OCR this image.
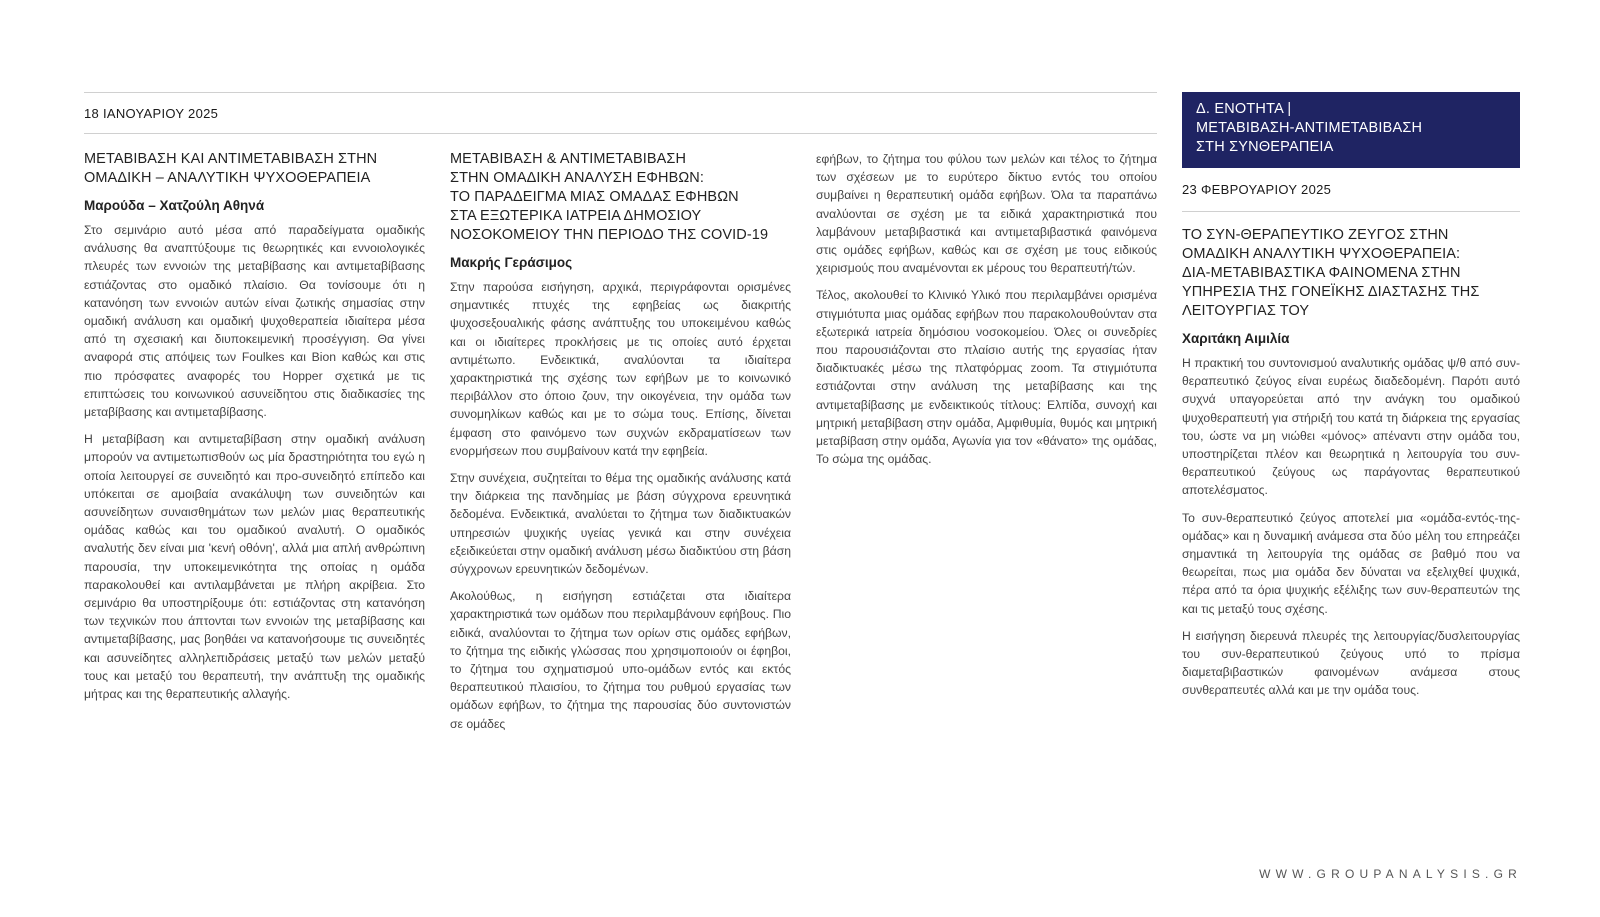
18 ΙΑΝΟΥΑΡΙΟΥ 2025	Δ. ΕΝΟΤΗΤΑ |
ΜΕΤΑΒΙΒΑΣΗ-ΑΝΤΙΜΕΤΑΒΙΒΑΣΗ
ΣΤΗ ΣΥΝΘΕΡΑΠΕΙΑ
23 ΦΕΒΡΟΥΑΡΙΟΥ 2025
ΜΕΤΑΒΙΒΑΣΗ ΚΑΙ ΑΝΤΙΜΕΤΑΒΙΒΑΣΗ ΣΤΗΝ
ΟΜΑΔΙΚΗ – ΑΝΑΛΥΤΙΚΗ ΨΥΧΟΘΕΡΑΠΕΙΑ
Μαρούδα – Χατζούλη Αθηνά

Στο σεμινάριο αυτό μέσα από παραδείγματα ομαδικής ανάλυσης θα αναπτύξουμε τις θεωρητικές και εννοιολογικές πλευρές των εννοιών της μεταβίβασης και αντιμεταβίβασης εστιάζοντας στο ομαδικό πλαίσιο. Θα τονίσουμε ότι η κατανόηση των εννοιών αυτών είναι ζωτικής σημασίας στην ομαδική ανάλυση και ομαδική ψυχοθεραπεία ιδιαίτερα μέσα από τη σχεσιακή και διυποκειμενική προσέγγιση. Θα γίνει αναφορά στις απόψεις των Foulkes και Bion καθώς και στις πιο πρόσφατες αναφορές του Hopper σχετικά με τις επιπτώσεις του κοινωνικού ασυνείδητου στις διαδικασίες της μεταβίβασης και αντιμεταβίβασης.

Η μεταβίβαση και αντιμεταβίβαση στην ομαδική ανάλυση μπορούν να αντιμετωπισθούν ως μία δραστηριότητα του εγώ η οποία λειτουργεί σε συνειδητό και προ-συνειδητό επίπεδο και υπόκειται σε αμοιβαία ανακάλυψη των συνειδητών και ασυνείδητων συναισθημάτων των μελών μιας θεραπευτικής ομάδας καθώς και του ομαδικού αναλυτή. Ο ομαδικός αναλυτής δεν είναι μια 'κενή οθόνη', αλλά μια απλή ανθρώπινη παρουσία, την υποκειμενικότητα της οποίας η ομάδα παρακολουθεί και αντιλαμβάνεται με πλήρη ακρίβεια. Στο σεμινάριο θα υποστηρίξουμε ότι: εστιάζοντας στη κατανόηση των τεχνικών που άπτονται των εννοιών της μεταβίβασης και αντιμεταβίβασης, μας βοηθάει να κατανοήσουμε τις συνειδητές και ασυνείδητες αλληλεπιδράσεις μεταξύ των μελών μεταξύ τους και μεταξύ του θεραπευτή, την ανάπτυξη της ομαδικής μήτρας και της θεραπευτικής αλλαγής.

ΜΕΤΑΒΙΒΑΣΗ & ΑΝΤΙΜΕΤΑΒΙΒΑΣΗ
ΣΤΗΝ ΟΜΑΔΙΚΗ ΑΝΑΛΥΣΗ ΕΦΗΒΩΝ:
ΤΟ ΠΑΡΑΔΕΙΓΜΑ ΜΙΑΣ ΟΜΑΔΑΣ ΕΦΗΒΩΝ
ΣΤΑ ΕΞΩΤΕΡΙΚΑ ΙΑΤΡΕΙΑ ΔΗΜΟΣΙΟΥ
ΝΟΣΟΚΟΜΕΙΟΥ ΤΗΝ ΠΕΡΙΟΔΟ ΤΗΣ COVID-19
Μακρής Γεράσιμος

Στην παρούσα εισήγηση, αρχικά, περιγράφονται ορισμένες σημαντικές πτυχές της εφηβείας ως διακριτής ψυχοσεξουαλικής φάσης ανάπτυξης του υποκειμένου καθώς και οι ιδιαίτερες προκλήσεις με τις οποίες αυτό έρχεται αντιμέτωπο. Ενδεικτικά, αναλύονται τα ιδιαίτερα χαρακτηριστικά της σχέσης των εφήβων με το κοινωνικό περιβάλλον στο όποιο ζουν, την οικογένεια, την ομάδα των συνομηλίκων καθώς και με το σώμα τους. Επίσης, δίνεται έμφαση στο φαινόμενο των συχνών εκδραματίσεων των ενορμήσεων που συμβαίνουν κατά την εφηβεία.

Στην συνέχεια, συζητείται το θέμα της ομαδικής ανάλυσης κατά την διάρκεια της πανδημίας με βάση σύγχρονα ερευνητικά δεδομένα. Ενδεικτικά, αναλύεται το ζήτημα των διαδικτυακών υπηρεσιών ψυχικής υγείας γενικά και στην συνέχεια εξειδικεύεται στην ομαδική ανάλυση μέσω διαδικτύου στη βάση σύγχρονων ερευνητικών δεδομένων.

Ακολούθως, η εισήγηση εστιάζεται στα ιδιαίτερα χαρακτηριστικά των ομάδων που περιλαμβάνουν εφήβους. Πιο ειδικά, αναλύονται το ζήτημα των ορίων στις ομάδες εφήβων, το ζήτημα της ειδικής γλώσσας που χρησιμοποιούν οι έφηβοι, το ζήτημα του σχηματισμού υπο-ομάδων εντός και εκτός θεραπευτικού πλαισίου, το ζήτημα του ρυθμού εργασίας των ομάδων εφήβων, το ζήτημα της παρουσίας δύο συντονιστών σε ομάδες

εφήβων, το ζήτημα του φύλου των μελών και τέλος το ζήτημα των σχέσεων με το ευρύτερο δίκτυο εντός του οποίου συμβαίνει η θεραπευτική ομάδα εφήβων. Όλα τα παραπάνω αναλύονται σε σχέση με τα ειδικά χαρακτηριστικά που λαμβάνουν μεταβιβαστικά και αντιμεταβιβαστικά φαινόμενα στις ομάδες εφήβων, καθώς και σε σχέση με τους ειδικούς χειρισμούς που αναμένονται εκ μέρους του θεραπευτή/τών.

Τέλος, ακολουθεί το Κλινικό Υλικό που περιλαμβάνει ορισμένα στιγμιότυπα μιας ομάδας εφήβων που παρακολουθούνταν στα εξωτερικά ιατρεία δημόσιου νοσοκομείου. Όλες οι συνεδρίες που παρουσιάζονται στο πλαίσιο αυτής της εργασίας ήταν διαδικτυακές μέσω της πλατφόρμας zoom. Τα στιγμιότυπα εστιάζονται στην ανάλυση της μεταβίβασης και της αντιμεταβίβασης με ενδεικτικούς τίτλους: Ελπίδα, συνοχή και μητρική μεταβίβαση στην ομάδα, Αμφιθυμία, θυμός και μητρική μεταβίβαση στην ομάδα, Αγωνία για τον «θάνατο» της ομάδας, Το σώμα της ομάδας.

ΤΟ ΣΥΝ-ΘΕΡΑΠΕΥΤΙΚΟ ΖΕΥΓΟΣ ΣΤΗΝ
ΟΜΑΔΙΚΗ ΑΝΑΛΥΤΙΚΗ ΨΥΧΟΘΕΡΑΠΕΙΑ:
ΔΙΑ-ΜΕΤΑΒΙΒΑΣΤΙΚΑ ΦΑΙΝΟΜΕΝΑ ΣΤΗΝ
ΥΠΗΡΕΣΙΑ ΤΗΣ ΓΟΝΕΪΚΗΣ ΔΙΑΣΤΑΣΗΣ ΤΗΣ
ΛΕΙΤΟΥΡΓΙΑΣ ΤΟΥ
Χαριτάκη Αιμιλία

Η πρακτική του συντονισμού αναλυτικής ομάδας ψ/θ από συν-θεραπευτικό ζεύγος είναι ευρέως διαδεδομένη. Παρότι αυτό συχνά υπαγορεύεται από την ανάγκη του ομαδικού ψυχοθεραπευτή για στήριξή του κατά τη διάρκεια της εργασίας του, ώστε να μη νιώθει «μόνος» απέναντι στην ομάδα του, υποστηρίζεται πλέον και θεωρητικά η λειτουργία του συν-θεραπευτικού ζεύγους ως παράγοντας θεραπευτικού αποτελέσματος.

Το συν-θεραπευτικό ζεύγος αποτελεί μια «ομάδα-εντός-της-ομάδας» και η δυναμική ανάμεσα στα δύο μέλη του επηρεάζει σημαντικά τη λειτουργία της ομάδας σε βαθμό που να θεωρείται, πως μια ομάδα δεν δύναται να εξελιχθεί ψυχικά, πέρα από τα όρια ψυχικής εξέλιξης των συν-θεραπευτών της και τις μεταξύ τους σχέσης.

Η εισήγηση διερευνά πλευρές της λειτουργίας/δυσλειτουργίας του συν-θεραπευτικού ζεύγους υπό το πρίσμα διαμεταβιβαστικών φαινομένων ανάμεσα στους συνθεραπευτές αλλά και με την ομάδα τους.

WWW.GROUPANALYSIS.GR
